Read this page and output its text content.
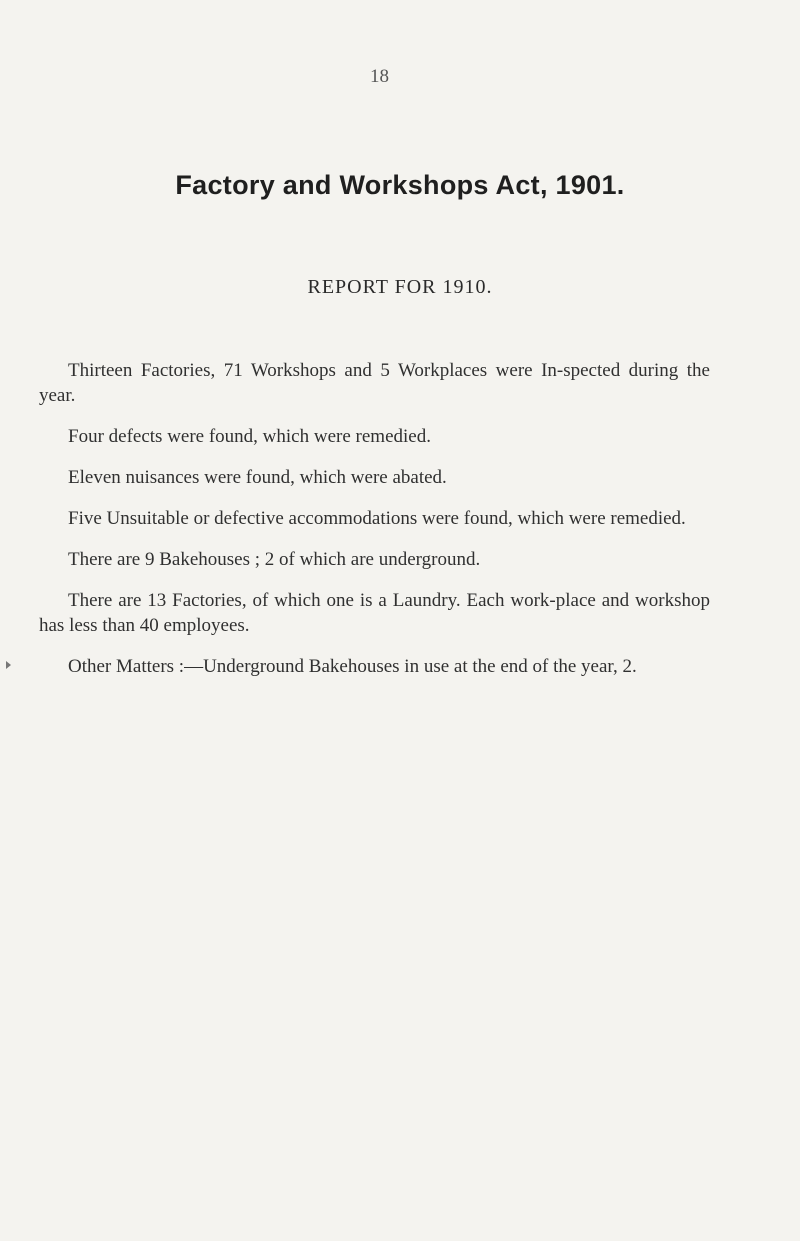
18
Factory and Workshops Act, 1901.
REPORT FOR 1910.

Thirteen Factories, 71 Workshops and 5 Workplaces were In-spected during the year.

Four defects were found, which were remedied.

Eleven nuisances were found, which were abated.

Five Unsuitable or defective accommodations were found, which were remedied.

There are 9 Bakehouses ; 2 of which are underground.

There are 13 Factories, of which one is a Laundry. Each work-place and workshop has less than 40 employees.

Other Matters :—Underground Bakehouses in use at the end of the year, 2.
